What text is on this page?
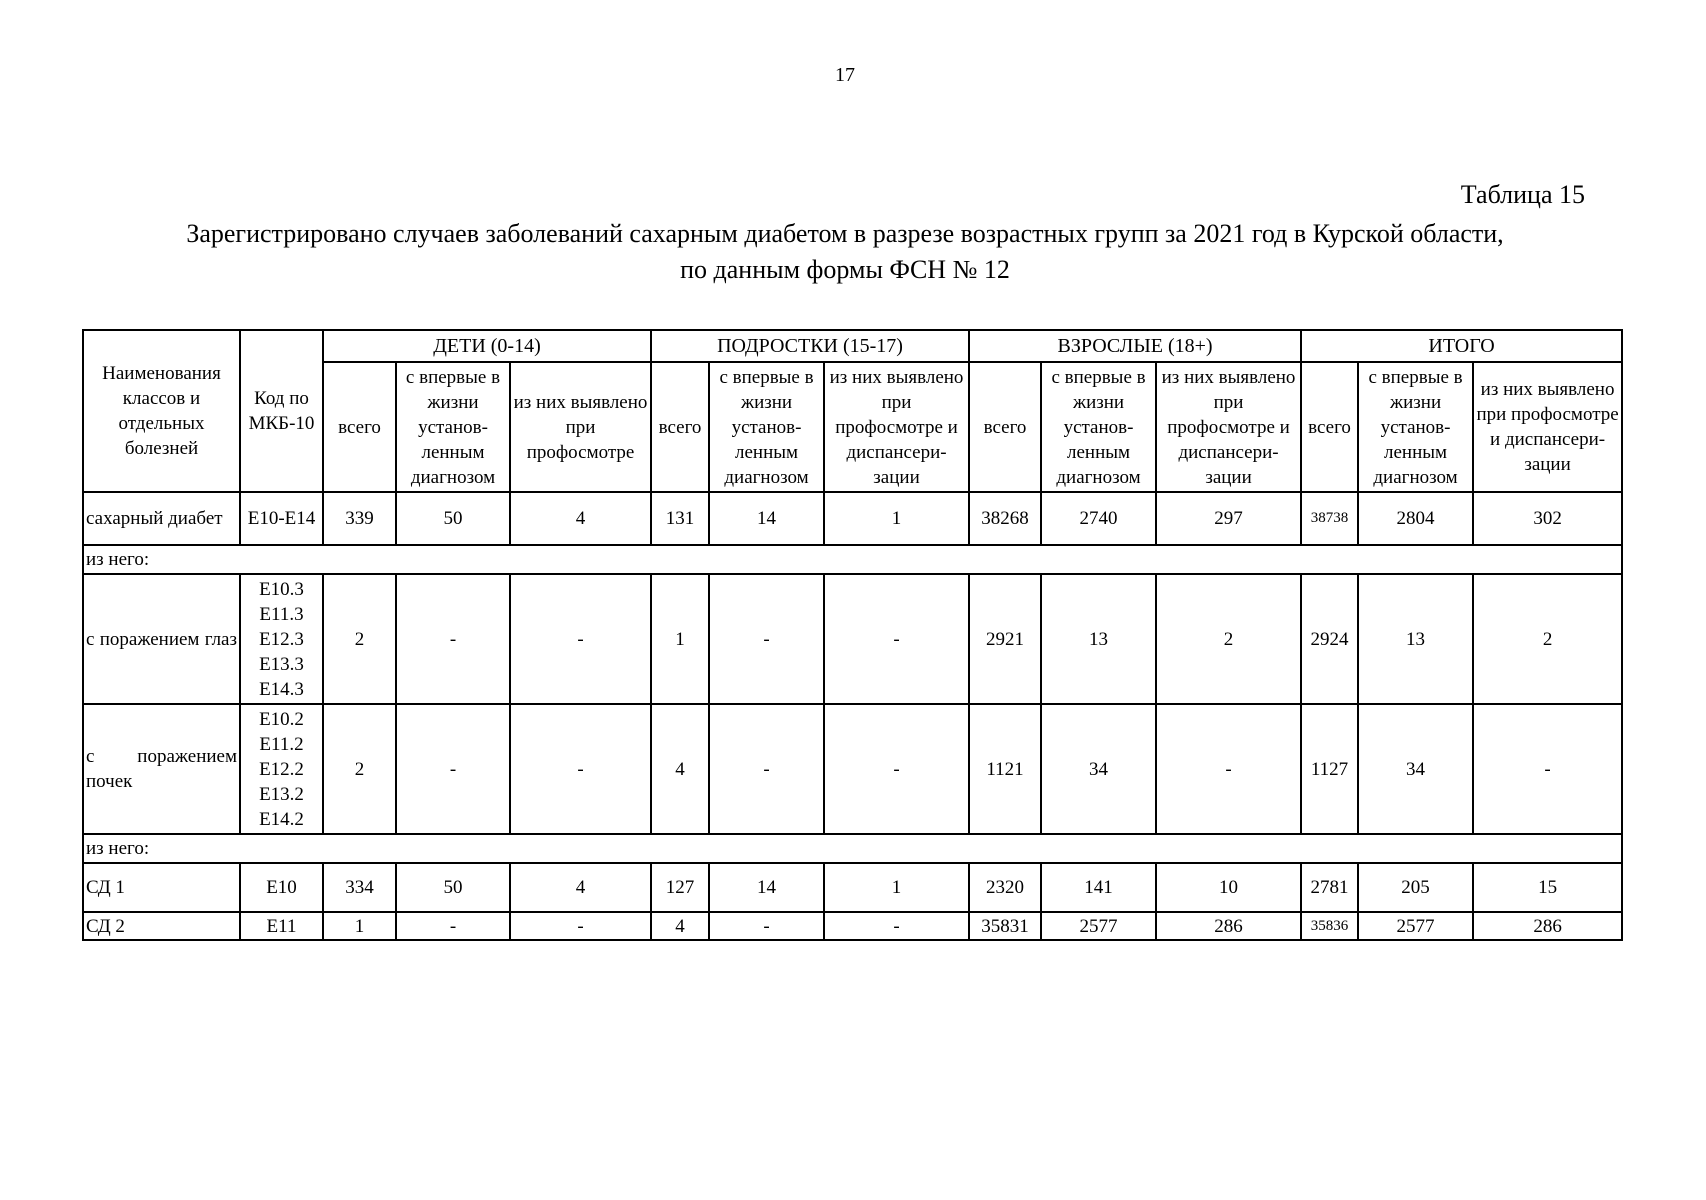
17
Таблица 15
Зарегистрировано случаев заболеваний сахарным диабетом в разрезе возрастных групп за 2021 год в Курской области,
по данным формы ФСН № 12
Наименования классов и отдельных болезней	Код по МКБ-10	ДЕТИ (0-14)			ПОДРОСТКИ (15-17)			ВЗРОСЛЫЕ (18+)			ИТОГО		
		всего	с впервые в жизни установ-ленным диагнозом	из них выявлено при профосмотре	всего	с впервые в жизни установ-ленным диагнозом	из них выявлено при профосмотре и диспансери-зации	всего	с впервые в жизни установ-ленным диагнозом	из них выявлено при профосмотре и диспансери-зации	всего	с впервые в жизни установ-ленным диагнозом	из них выявлено при профосмотре и диспансери-зации
сахарный диабет	E10-E14	339	50	4	131	14	1	38268	2740	297	38738	2804	302
из него:													

с поражением глаз	E10.3
E11.3
E12.3
E13.3
E14.3	2	-	-	1	-	-	2921	13	2	2924	13	2

с поражением почек	E10.2
E11.2
E12.2
E13.2
E14.2	2	-	-	4	-	-	1121	34	-	1127	34	-
из него:													
СД 1	E10	334	50	4	127	14	1	2320	141	10	2781	205	15
СД 2	E11	1	-	-	4	-	-	35831	2577	286	35836	2577	286
